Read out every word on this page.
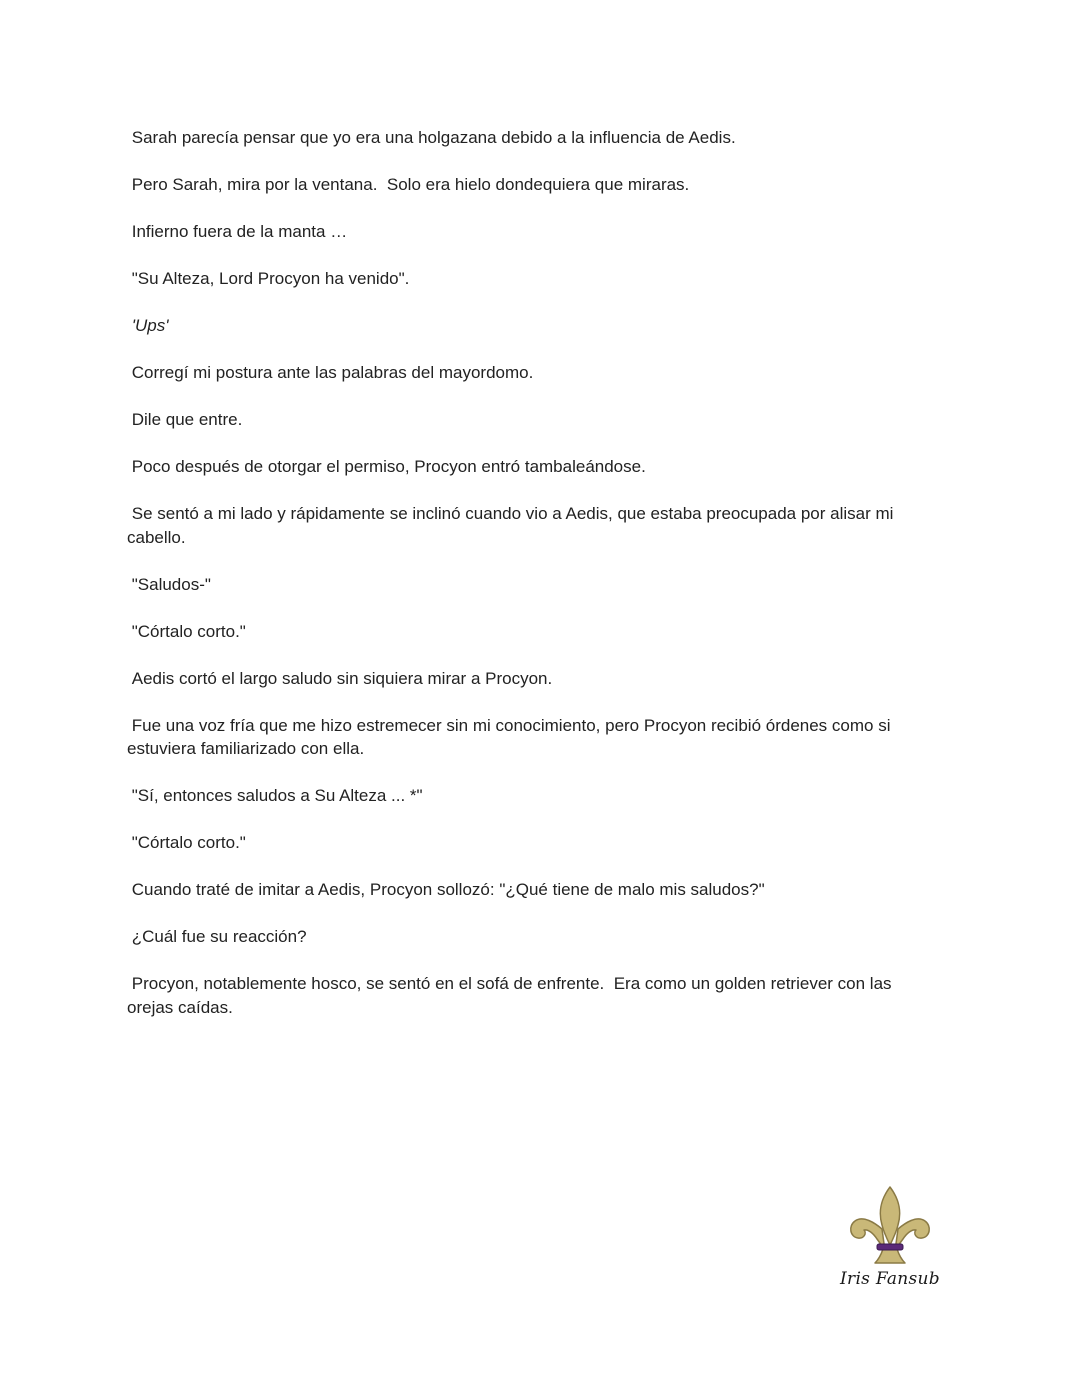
Sarah parecía pensar que yo era una holgazana debido a la influencia de Aedis.

Pero Sarah, mira por la ventana.  Solo era hielo dondequiera que miraras.

Infierno fuera de la manta …

"Su Alteza, Lord Procyon ha venido".

'Ups'

Corregí mi postura ante las palabras del mayordomo.

Dile que entre.

Poco después de otorgar el permiso, Procyon entró tambaleándose.

Se sentó a mi lado y rápidamente se inclinó cuando vio a Aedis, que estaba preocupada por alisar mi cabello.

"Saludos-"

"Córtalo corto."

Aedis cortó el largo saludo sin siquiera mirar a Procyon.

Fue una voz fría que me hizo estremecer sin mi conocimiento, pero Procyon recibió órdenes como si estuviera familiarizado con ella.

"Sí, entonces saludos a Su Alteza ... *"

"Córtalo corto."

Cuando traté de imitar a Aedis, Procyon sollozó: "¿Qué tiene de malo mis saludos?"

¿Cuál fue su reacción?

Procyon, notablemente hosco, se sentó en el sofá de enfrente.  Era como un golden retriever con las orejas caídas.

Iris Fansub
